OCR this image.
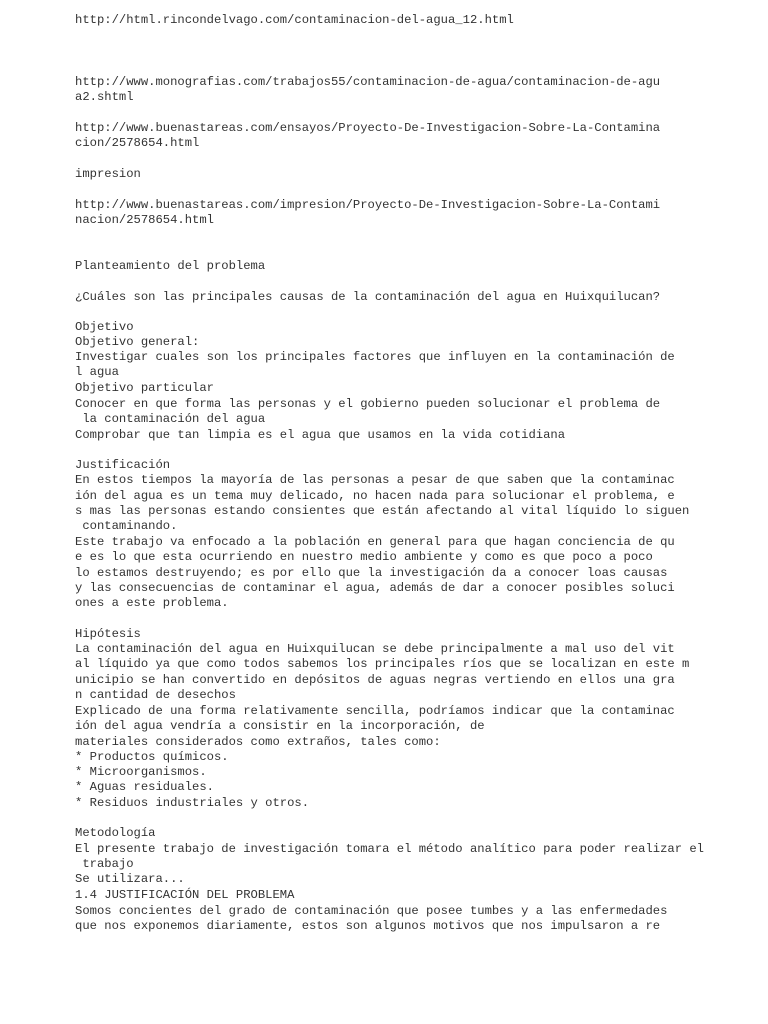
http://html.rincondelvago.com/contaminacion-del-agua_12.html

http://www.monografias.com/trabajos55/contaminacion-de-agua/contaminacion-de-agu

a2.shtml

http://www.buenastareas.com/ensayos/Proyecto-De-Investigacion-Sobre-La-Contamina

cion/2578654.html

impresion

http://www.buenastareas.com/impresion/Proyecto-De-Investigacion-Sobre-La-Contami

nacion/2578654.html

Planteamiento del problema

¿Cuáles son las principales causas de la contaminación del agua en Huixquilucan?

Objetivo

Objetivo general:

Investigar cuales son los principales factores que influyen en la contaminación de

l agua

Objetivo particular

Conocer en que forma las personas y el gobierno pueden solucionar el problema de

la contaminación del agua

Comprobar que tan limpia es el agua que usamos en la vida cotidiana

Justificación

En estos tiempos la mayoría de las personas a pesar de que saben que la contaminac

ión del agua es un tema muy delicado, no hacen nada para solucionar el problema, e

s mas las personas estando consientes que están afectando al vital líquido lo siguen

contaminando.

Este trabajo va enfocado a la población en general para que hagan conciencia de qu

e es lo que esta ocurriendo en nuestro medio ambiente y como es que poco a poco

lo estamos destruyendo; es por ello que la investigación da a conocer loas causas

y las consecuencias de contaminar el agua, además de dar a conocer posibles soluci

ones a este problema.

Hipótesis

La contaminación del agua en Huixquilucan se debe principalmente a mal uso del vit

al líquido ya que como todos sabemos los principales ríos que se localizan en este m

unicipio se han convertido en depósitos de aguas negras vertiendo en ellos una gra

n cantidad de desechos

Explicado de una forma relativamente sencilla, podríamos indicar que la contaminac

ión del agua vendría a consistir en la incorporación, de

materiales considerados como extraños, tales como:

* Productos químicos.

* Microorganismos.

* Aguas residuales.

* Residuos industriales y otros.

Metodología

El presente trabajo de investigación tomara el método analítico para poder realizar el

trabajo

Se utilizara...

1.4 JUSTIFICACIÓN DEL PROBLEMA

Somos concientes del grado de contaminación que posee tumbes y a las enfermedades

que nos exponemos diariamente, estos son algunos motivos que nos impulsaron a re
